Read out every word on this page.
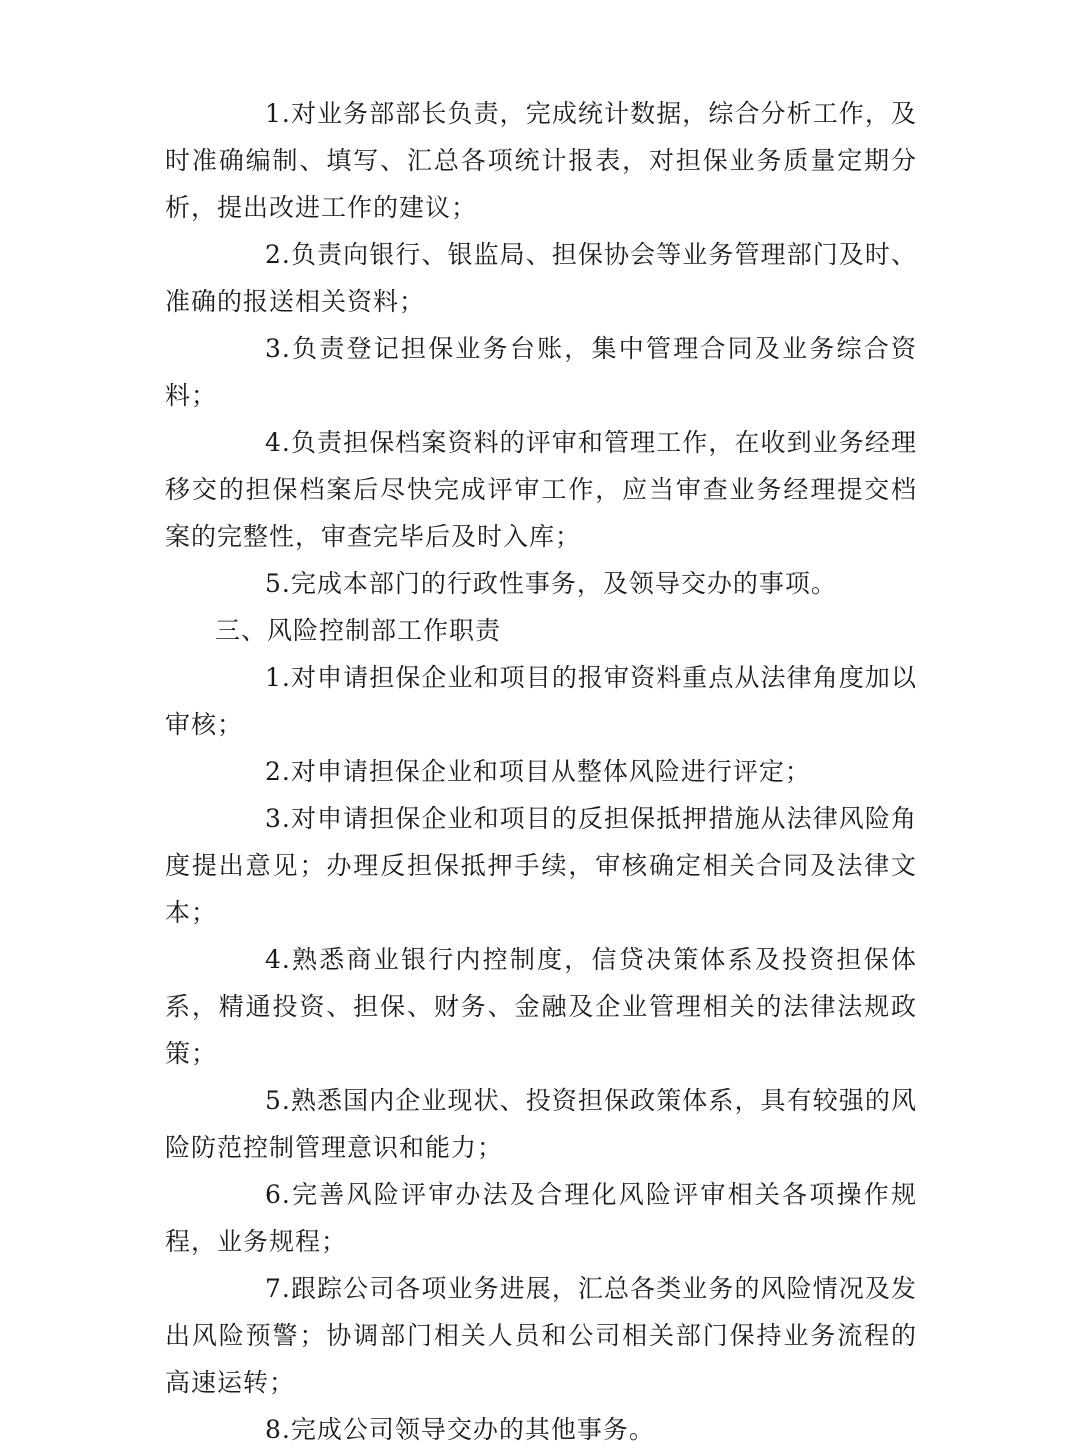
1.对业务部部长负责，完成统计数据，综合分析工作，及时准确编制、填写、汇总各项统计报表，对担保业务质量定期分析，提出改进工作的建议；

2.负责向银行、银监局、担保协会等业务管理部门及时、准确的报送相关资料；

3.负责登记担保业务台账，集中管理合同及业务综合资料；

4.负责担保档案资料的评审和管理工作，在收到业务经理移交的担保档案后尽快完成评审工作，应当审查业务经理提交档案的完整性，审查完毕后及时入库；

5.完成本部门的行政性事务，及领导交办的事项。

三、风险控制部工作职责

1.对申请担保企业和项目的报审资料重点从法律角度加以审核；

2.对申请担保企业和项目从整体风险进行评定；

3.对申请担保企业和项目的反担保抵押措施从法律风险角度提出意见；办理反担保抵押手续，审核确定相关合同及法律文本；

4.熟悉商业银行内控制度，信贷决策体系及投资担保体系，精通投资、担保、财务、金融及企业管理相关的法律法规政策；

5.熟悉国内企业现状、投资担保政策体系，具有较强的风险防范控制管理意识和能力；

6.完善风险评审办法及合理化风险评审相关各项操作规程，业务规程；

7.跟踪公司各项业务进展，汇总各类业务的风险情况及发出风险预警；协调部门相关人员和公司相关部门保持业务流程的高速运转；

8.完成公司领导交办的其他事务。
